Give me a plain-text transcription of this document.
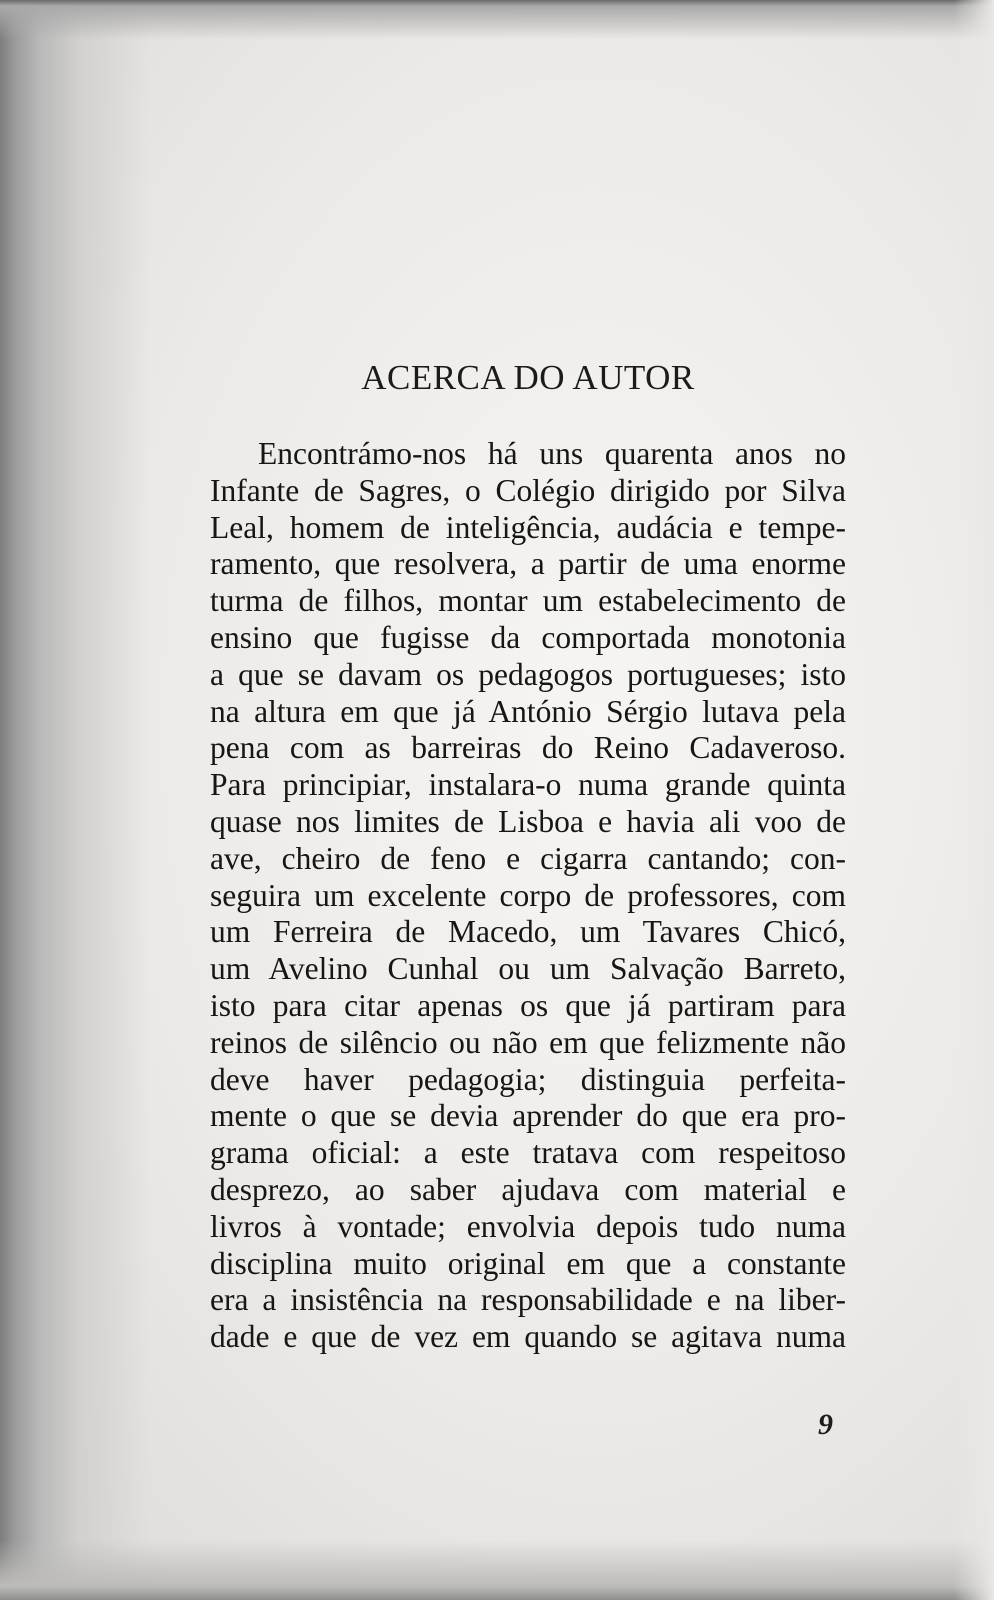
ACERCA DO AUTOR
Encontrámo-nos há uns quarenta anos no
Infante de Sagres, o Colégio dirigido por Silva
Leal, homem de inteligência, audácia e tempe-
ramento, que resolvera, a partir de uma enorme
turma de filhos, montar um estabelecimento de
ensino que fugisse da comportada monotonia
a que se davam os pedagogos portugueses; isto
na altura em que já António Sérgio lutava pela
pena com as barreiras do Reino Cadaveroso.
Para principiar, instalara-o numa grande quinta
quase nos limites de Lisboa e havia ali voo de
ave, cheiro de feno e cigarra cantando; con-
seguira um excelente corpo de professores, com
um Ferreira de Macedo, um Tavares Chicó,
um Avelino Cunhal ou um Salvação Barreto,
isto para citar apenas os que já partiram para
reinos de silêncio ou não em que felizmente não
deve haver pedagogia; distinguia perfeita-
mente o que se devia aprender do que era pro-
grama oficial: a este tratava com respeitoso
desprezo, ao saber ajudava com material e
livros à vontade; envolvia depois tudo numa
disciplina muito original em que a constante
era a insistência na responsabilidade e na liber-
dade e que de vez em quando se agitava numa
9
